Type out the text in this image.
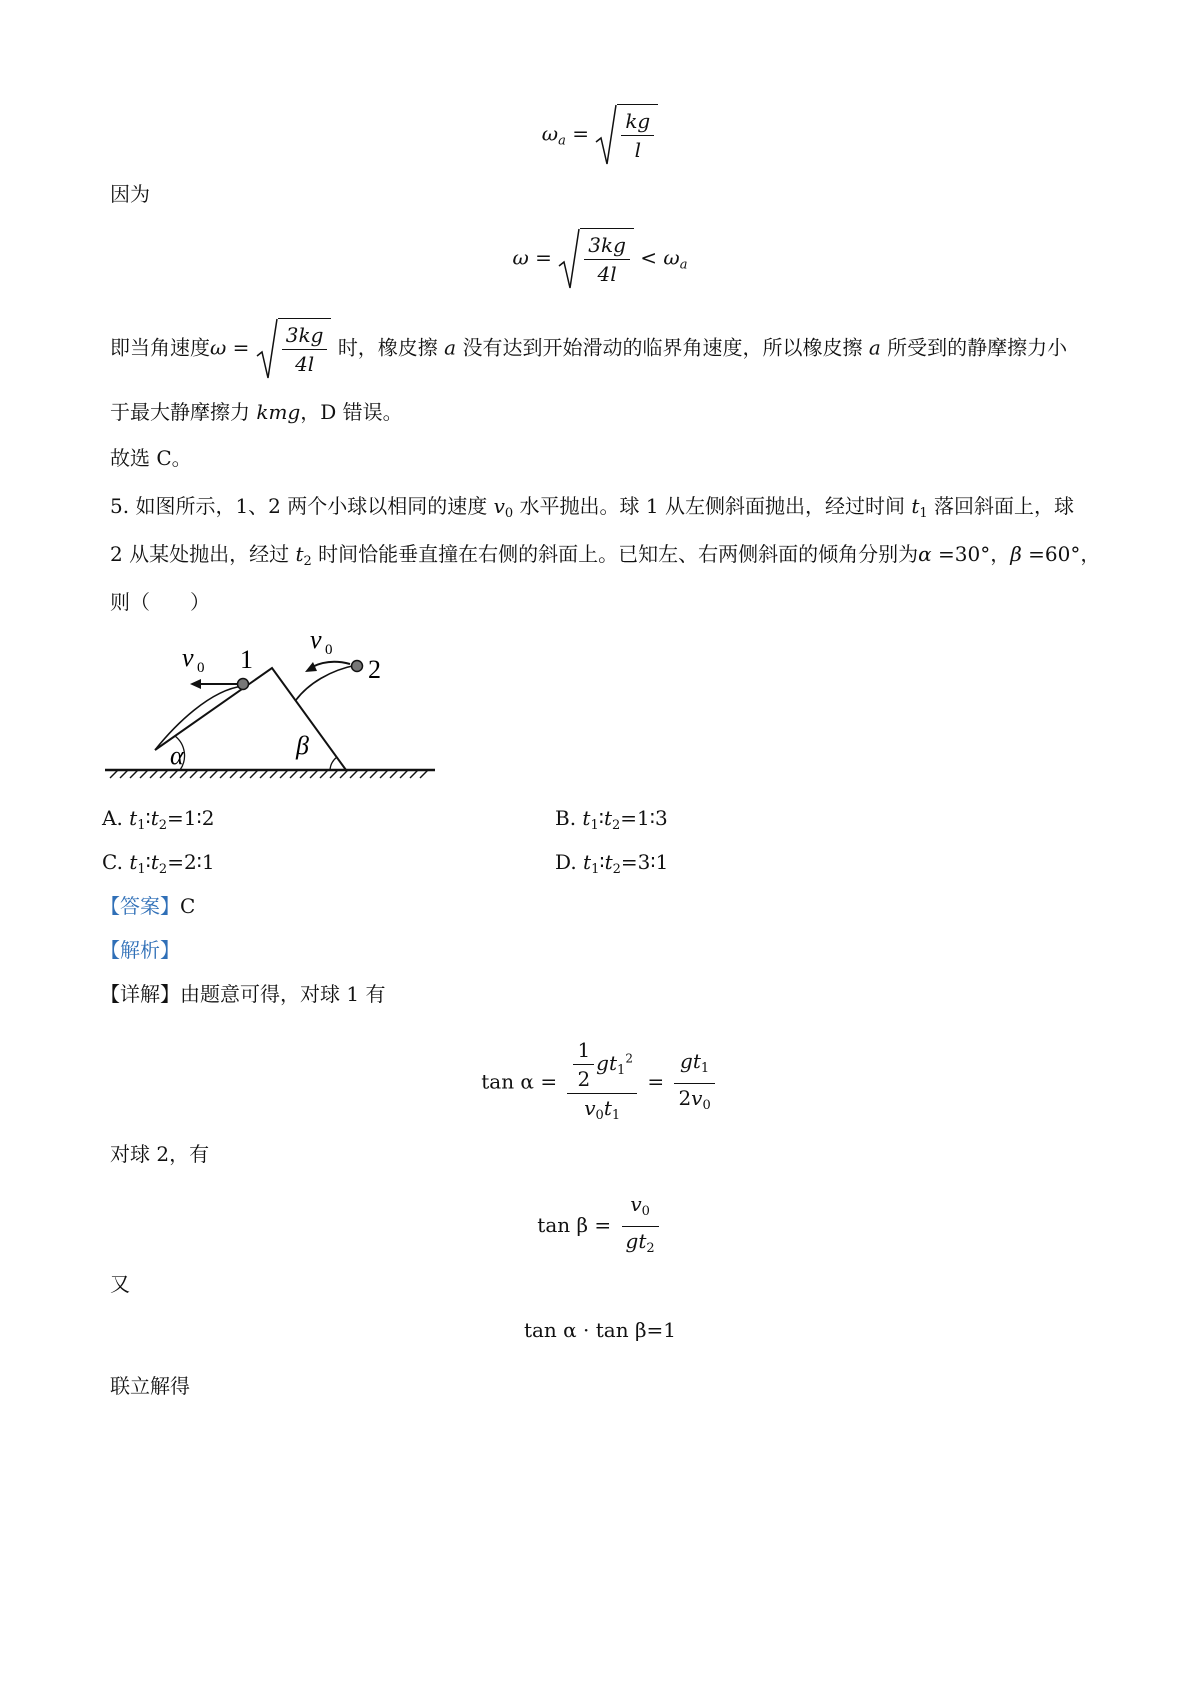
$\omega_a = \frac{kg}{l}$
因为
$\omega = \frac{3kg}{4l} < \omega_a$
即当角速度$\omega = \frac{3kg}{4l}$ 时，橡皮擦 a 没有达到开始滑动的临界角速度，所以橡皮擦 a 所受到的静摩擦力小
于最大静摩擦力 kmg，D 错误。
故选 C。
5. 如图所示，1、2 两个小球以相同的速度 $v_0$ 水平抛出。球 1 从左侧斜面抛出，经过时间 $t_1$ 落回斜面上，球
2 从某处抛出，经过 $t_2$ 时间恰能垂直撞在右侧的斜面上。已知左、右两侧斜面的倾角分别为α =30°，β =60°，
则（　　）
v 0 1
v 0
2
α	β
A. $t_1∶t_2=1∶2$	B. $t_1∶t_2=1∶3$
C. $t_1∶t_2=2∶1$	D. $t_1∶t_2=3∶1$
【答案】C
【解析】
【详解】由题意可得，对球 1 有
$\tan \alpha = \frac{\frac{1}{2} gt_1^2}{v_0t_1} = \frac{gt_1}{2v_0}$
对球 2，有
$\tan \beta = \frac{v_0}{gt_2}$
又
tan α · tan β=1
联立解得
